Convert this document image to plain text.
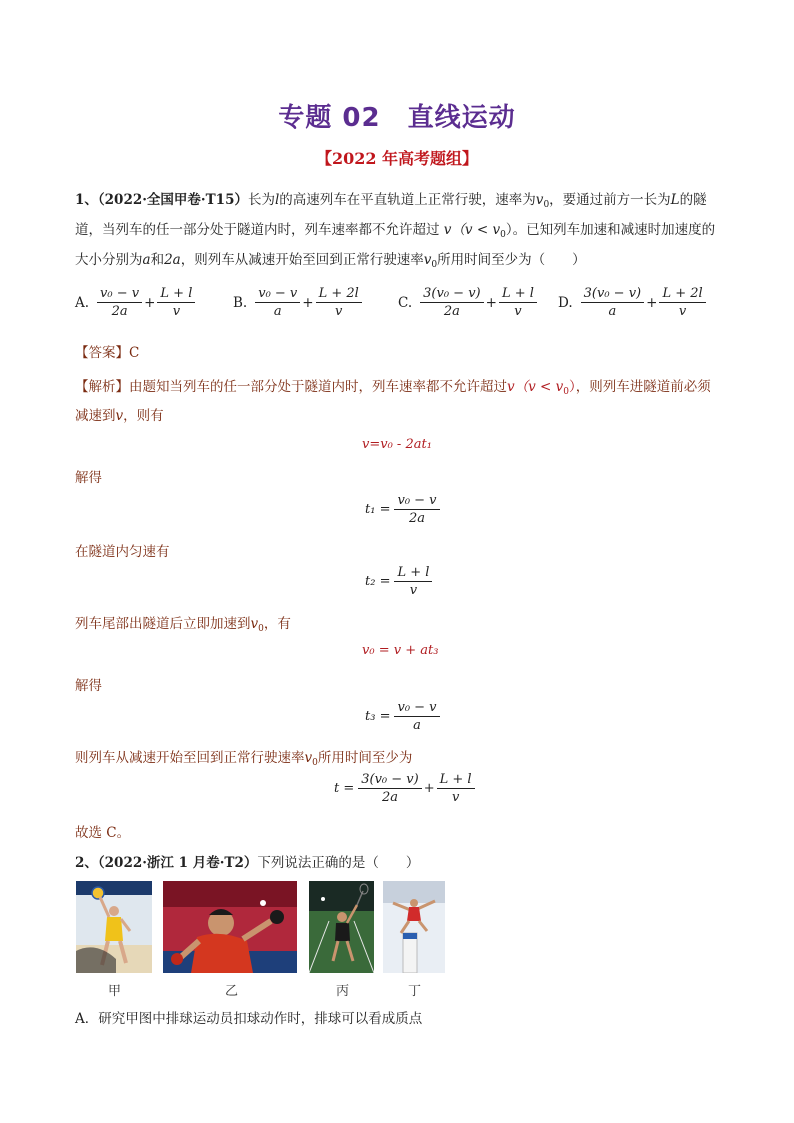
专题 02　直线运动
【2022 年高考题组】
1、（2022·全国甲卷·T15）长为l的高速列车在平直轨道上正常行驶，速率为$v_0$，要通过前方一长为L的隧
道，当列车的任一部分处于隧道内时，列车速率都不允许超过 $v(v < v_0)$。已知列车加速和减速时加速度的
大小分别为a和2a，则列车从减速开始至回到正常行驶速率$v_0$所用时间至少为（　　）
A. $\frac{\text{v₀ − v}}{2a} + \frac{L + l}{v}$	B. $\frac{\text{v₀ − v}}{a} + \frac{L + 2l}{v}$	C. $\frac{\text{3(v₀ − v)}}{2a} + \frac{L + l}{v} D$. $\frac{\text{3(v₀ − v)}}{a} + \frac{L + 2l}{v}$
【答案】C
【解析】由题知当列车的任一部分处于隧道内时，列车速率都不允许超过$v(v < v_0)$，则列车进隧道前必须
减速到v，则有
v=v₀ - 2at₁
解得
$t_1 = \frac{\text{v₀ − v}}{2a}$
在隧道内匀速有
$t_2 = \frac{L + l}{v}$
列车尾部出隧道后立即加速到$v_0$，有
v₀ = v + at₃
解得
$t_3 = \frac{\text{v₀ − v}}{a}$
则列车从减速开始至回到正常行驶速率$v_0$所用时间至少为
$t = \frac{\text{3(v₀ − v)}}{2a} + \frac{L + l}{v}$
故选 C。
2、（2022·浙江 1 月卷·T2）下列说法正确的是（　　）
甲	乙	丙	丁
A．研究甲图中排球运动员扣球动作时，排球可以看成质点
